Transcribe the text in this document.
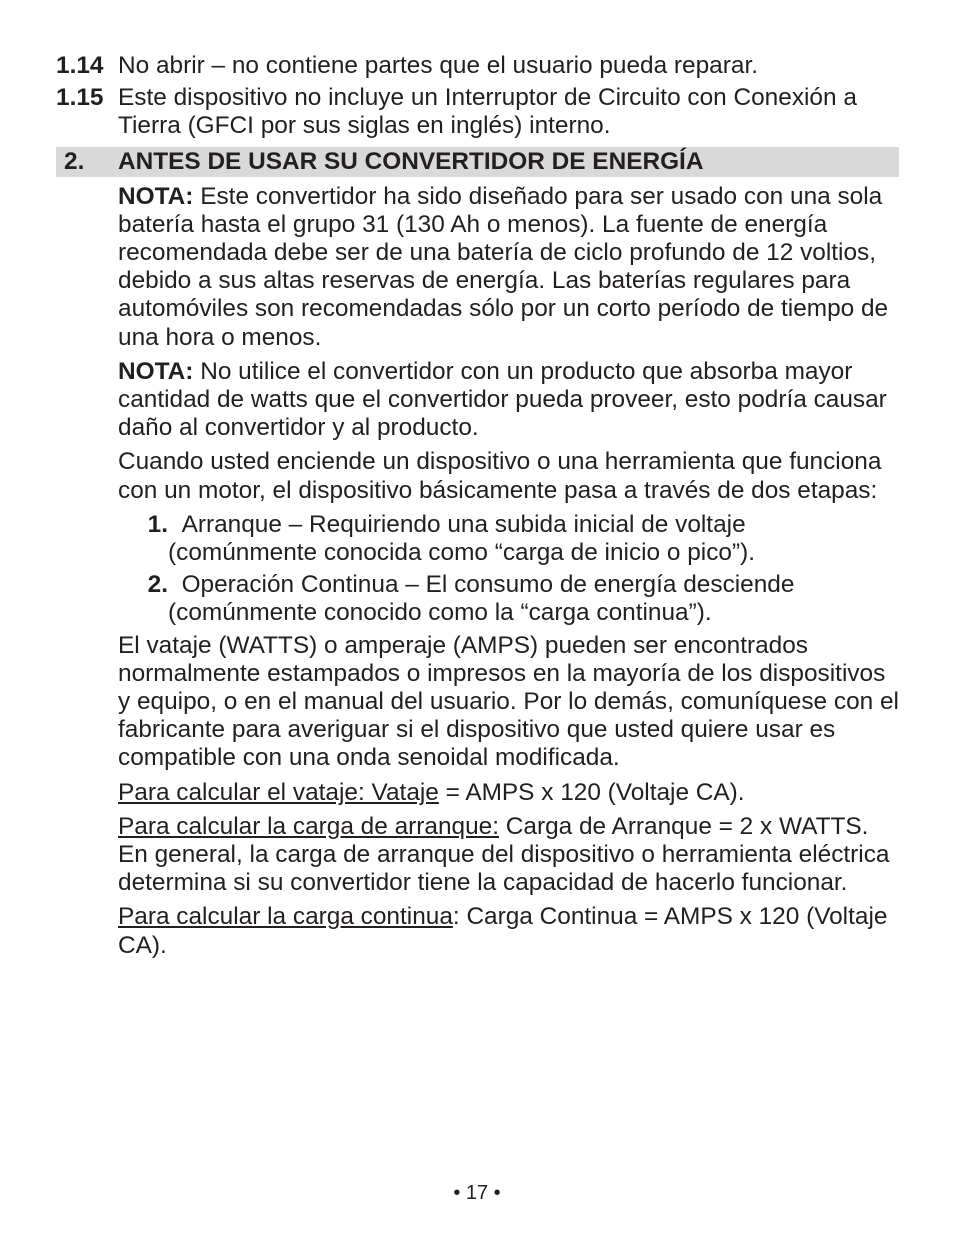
1.14 No abrir – no contiene partes que el usuario pueda reparar.
1.15 Este dispositivo no incluye un Interruptor de Circuito con Conexión a Tierra (GFCI por sus siglas en inglés) interno.
2.	ANTES DE USAR SU CONVERTIDOR DE ENERGÍA

NOTA: Este convertidor ha sido diseñado para ser usado con una sola batería hasta el grupo 31 (130 Ah o menos). La fuente de energía recomendada debe ser de una batería de ciclo profundo de 12 voltios, debido a sus altas reservas de energía. Las baterías regulares para automóviles son recomendadas sólo por un corto período de tiempo de una hora o menos.

NOTA: No utilice el convertidor con un producto que absorba mayor cantidad de watts que el convertidor pueda proveer, esto podría causar daño al convertidor y al producto.

Cuando usted enciende un dispositivo o una herramienta que funciona con un motor, el dispositivo básicamente pasa a través de dos etapas:

1. Arranque – Requiriendo una subida inicial de voltaje (comúnmente conocida como “carga de inicio o pico”).
2. Operación Continua – El consumo de energía desciende (comúnmente conocido como la “carga continua”).

El vataje (WATTS) o amperaje (AMPS) pueden ser encontrados normalmente estampados o impresos en la mayoría de los dispositivos y equipo, o en el manual del usuario. Por lo demás, comuníquese con el fabricante para averiguar si el dispositivo que usted quiere usar es compatible con una onda senoidal modificada.

Para calcular el vataje: Vataje = AMPS x 120 (Voltaje CA).

Para calcular la carga de arranque: Carga de Arranque = 2 x WATTS. En general, la carga de arranque del dispositivo o herramienta eléctrica determina si su convertidor tiene la capacidad de hacerlo funcionar.

Para calcular la carga continua: Carga Continua = AMPS x 120 (Voltaje CA).

• 17 •
